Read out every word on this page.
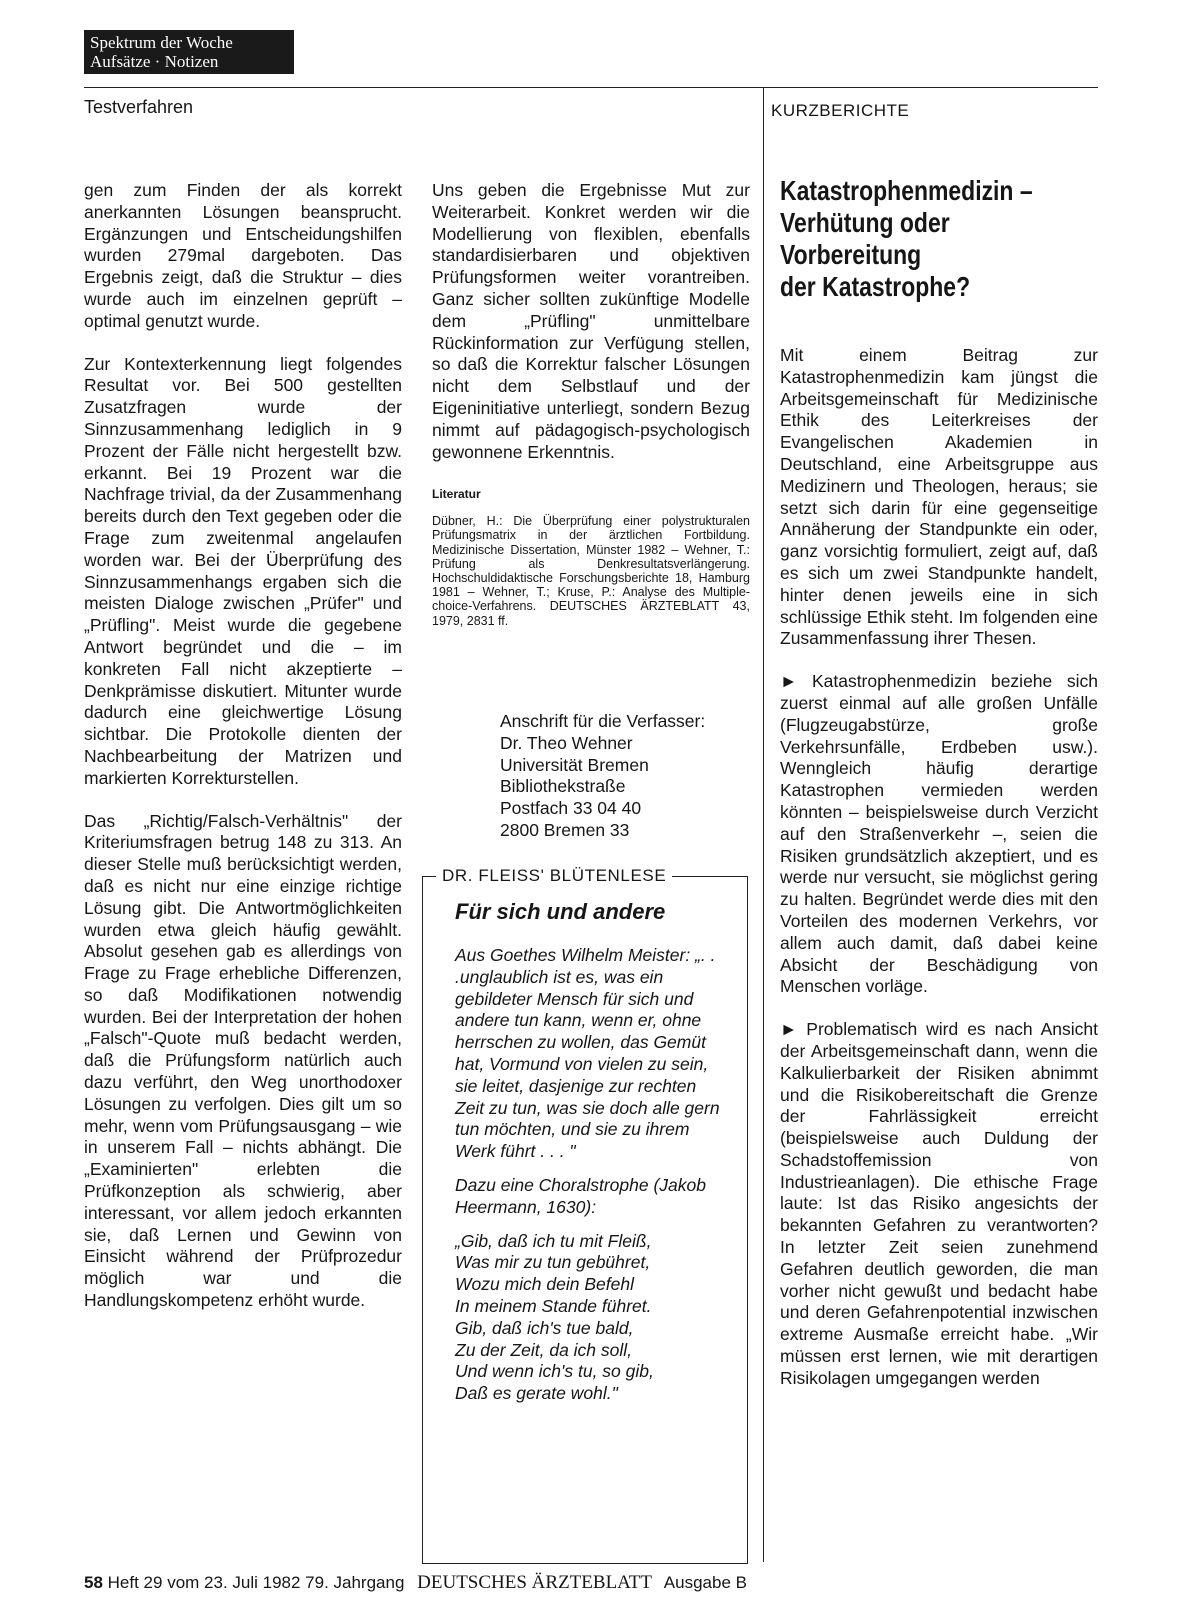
Spektrum der Woche
Aufsätze · Notizen
Testverfahren	KURZBERICHTE

gen zum Finden der als korrekt anerkannten Lösungen beansprucht. Ergänzungen und Entscheidungshilfen wurden 279mal dargeboten. Das Ergebnis zeigt, daß die Struktur – dies wurde auch im einzelnen geprüft – optimal genutzt wurde.

Zur Kontexterkennung liegt folgendes Resultat vor. Bei 500 gestellten Zusatzfragen wurde der Sinnzusammenhang lediglich in 9 Prozent der Fälle nicht hergestellt bzw. erkannt. Bei 19 Prozent war die Nachfrage trivial, da der Zusammenhang bereits durch den Text gegeben oder die Frage zum zweitenmal angelaufen worden war. Bei der Überprüfung des Sinnzusammenhangs ergaben sich die meisten Dialoge zwischen „Prüfer" und „Prüfling". Meist wurde die gegebene Antwort begründet und die – im konkreten Fall nicht akzeptierte – Denkprämisse diskutiert. Mitunter wurde dadurch eine gleichwertige Lösung sichtbar. Die Protokolle dienten der Nachbearbeitung der Matrizen und markierten Korrekturstellen.

Das „Richtig/Falsch-Verhältnis" der Kriteriumsfragen betrug 148 zu 313. An dieser Stelle muß berücksichtigt werden, daß es nicht nur eine einzige richtige Lösung gibt. Die Antwortmöglichkeiten wurden etwa gleich häufig gewählt. Absolut gesehen gab es allerdings von Frage zu Frage erhebliche Differenzen, so daß Modifikationen notwendig wurden. Bei der Interpretation der hohen „Falsch"-Quote muß bedacht werden, daß die Prüfungsform natürlich auch dazu verführt, den Weg unorthodoxer Lösungen zu verfolgen. Dies gilt um so mehr, wenn vom Prüfungsausgang – wie in unserem Fall – nichts abhängt. Die „Examinierten" erlebten die Prüfkonzeption als schwierig, aber interessant, vor allem jedoch erkannten sie, daß Lernen und Gewinn von Einsicht während der Prüfprozedur möglich war und die Handlungskompetenz erhöht wurde.

Uns geben die Ergebnisse Mut zur Weiterarbeit. Konkret werden wir die Modellierung von flexiblen, ebenfalls standardisierbaren und objektiven Prüfungsformen weiter vorantreiben. Ganz sicher sollten zukünftige Modelle dem „Prüfling" unmittelbare Rückinformation zur Verfügung stellen, so daß die Korrektur falscher Lösungen nicht dem Selbstlauf und der Eigeninitiative unterliegt, sondern Bezug nimmt auf pädagogisch-psychologisch gewonnene Erkenntnis.

Literatur

Dübner, H.: Die Überprüfung einer polystrukturalen Prüfungsmatrix in der ärztlichen Fortbildung. Medizinische Dissertation, Münster 1982 – Wehner, T.: Prüfung als Denkresultatsverlängerung. Hochschuldidaktische Forschungsberichte 18, Hamburg 1981 – Wehner, T.; Kruse, P.: Analyse des Multiple-choice-Verfahrens. DEUTSCHES ÄRZTEBLATT 43, 1979, 2831 ff.

Anschrift für die Verfasser:
Dr. Theo Wehner
Universität Bremen
Bibliothekstraße
Postfach 33 04 40
2800 Bremen 33
DR. FLEISS' BLÜTENLESE
Für sich und andere

Aus Goethes Wilhelm Meister: „. . .unglaublich ist es, was ein gebildeter Mensch für sich und andere tun kann, wenn er, ohne herrschen zu wollen, das Gemüt hat, Vormund von vielen zu sein, sie leitet, dasjenige zur rechten Zeit zu tun, was sie doch alle gern tun möchten, und sie zu ihrem Werk führt . . . "

Dazu eine Choralstrophe (Jakob Heermann, 1630):

„Gib, daß ich tu mit Fleiß,
Was mir zu tun gebühret,
Wozu mich dein Befehl
In meinem Stande führet.
Gib, daß ich's tue bald,
Zu der Zeit, da ich soll,
Und wenn ich's tu, so gib,
Daß es gerate wohl."
Katastrophenmedizin –
Verhütung oder
Vorbereitung
der Katastrophe?

Mit einem Beitrag zur Katastrophenmedizin kam jüngst die Arbeitsgemeinschaft für Medizinische Ethik des Leiterkreises der Evangelischen Akademien in Deutschland, eine Arbeitsgruppe aus Medizinern und Theologen, heraus; sie setzt sich darin für eine gegenseitige Annäherung der Standpunkte ein oder, ganz vorsichtig formuliert, zeigt auf, daß es sich um zwei Standpunkte handelt, hinter denen jeweils eine in sich schlüssige Ethik steht. Im folgenden eine Zusammenfassung ihrer Thesen.

► Katastrophenmedizin beziehe sich zuerst einmal auf alle großen Unfälle (Flugzeugabstürze, große Verkehrsunfälle, Erdbeben usw.). Wenngleich häufig derartige Katastrophen vermieden werden könnten – beispielsweise durch Verzicht auf den Straßenverkehr –, seien die Risiken grundsätzlich akzeptiert, und es werde nur versucht, sie möglichst gering zu halten. Begründet werde dies mit den Vorteilen des modernen Verkehrs, vor allem auch damit, daß dabei keine Absicht der Beschädigung von Menschen vorläge.

► Problematisch wird es nach Ansicht der Arbeitsgemeinschaft dann, wenn die Kalkulierbarkeit der Risiken abnimmt und die Risikobereitschaft die Grenze der Fahrlässigkeit erreicht (beispielsweise auch Duldung der Schadstoffemission von Industrieanlagen). Die ethische Frage laute: Ist das Risiko angesichts der bekannten Gefahren zu verantworten? In letzter Zeit seien zunehmend Gefahren deutlich geworden, die man vorher nicht gewußt und bedacht habe und deren Gefahrenpotential inzwischen extreme Ausmaße erreicht habe. „Wir müssen erst lernen, wie mit derartigen Risikolagen umgegangen werden

58 Heft 29 vom 23. Juli 1982 79. Jahrgang DEUTSCHES ÄRZTEBLATT Ausgabe B
